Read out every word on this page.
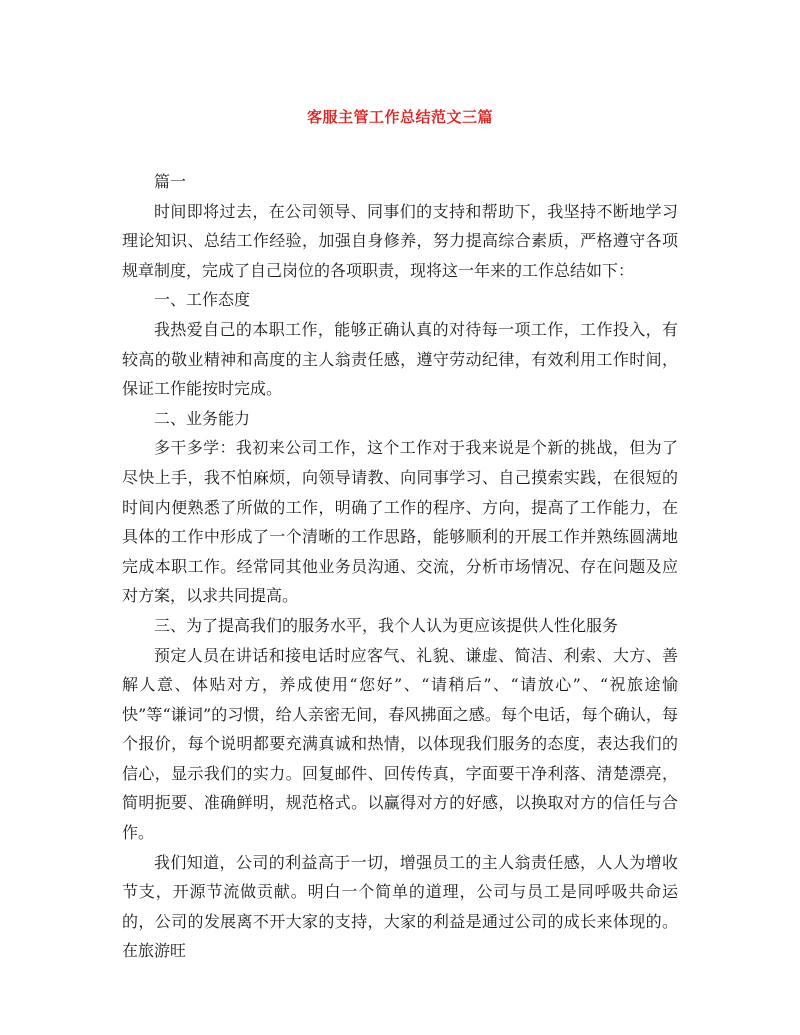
客服主管工作总结范文三篇

篇一

时间即将过去，在公司领导、同事们的支持和帮助下，我坚持不断地学习理论知识、总结工作经验，加强自身修养，努力提高综合素质，严格遵守各项规章制度，完成了自己岗位的各项职责，现将这一年来的工作总结如下：

一、工作态度

我热爱自己的本职工作，能够正确认真的对待每一项工作，工作投入，有较高的敬业精神和高度的主人翁责任感，遵守劳动纪律，有效利用工作时间，保证工作能按时完成。

二、业务能力

多干多学：我初来公司工作，这个工作对于我来说是个新的挑战，但为了尽快上手，我不怕麻烦，向领导请教、向同事学习、自己摸索实践，在很短的时间内便熟悉了所做的工作，明确了工作的程序、方向，提高了工作能力，在具体的工作中形成了一个清晰的工作思路，能够顺利的开展工作并熟练圆满地完成本职工作。经常同其他业务员沟通、交流，分析市场情况、存在问题及应对方案，以求共同提高。

三、为了提高我们的服务水平，我个人认为更应该提供人性化服务

预定人员在讲话和接电话时应客气、礼貌、谦虚、简洁、利索、大方、善解人意、体贴对方，养成使用“您好”、“请稍后”、“请放心”、“祝旅途愉快”等“谦词”的习惯，给人亲密无间，春风拂面之感。每个电话，每个确认，每个报价，每个说明都要充满真诚和热情，以体现我们服务的态度，表达我们的信心，显示我们的实力。回复邮件、回传传真，字面要干净利落、清楚漂亮，简明扼要、准确鲜明，规范格式。以赢得对方的好感，以换取对方的信任与合作。

我们知道，公司的利益高于一切，增强员工的主人翁责任感，人人为增收节支，开源节流做贡献。明白一个简单的道理，公司与员工是同呼吸共命运的，公司的发展离不开大家的支持，大家的利益是通过公司的成长来体现的。在旅游旺
